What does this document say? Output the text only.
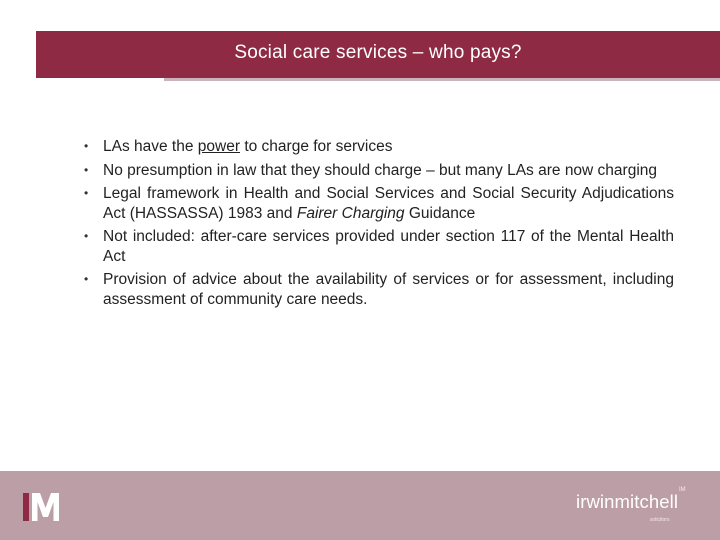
Social care services – who pays?
• LAs have the power to charge for services
• No presumption in law that they should charge – but many LAs are now charging
• Legal framework in Health and Social Services and Social Security Adjudications Act (HASSASSA) 1983 and Fairer Charging Guidance
• Not included: after-care services provided under section 117 of the Mental Health Act
• Provision of advice about the availability of services or for assessment, including assessment of community care needs.
irwinmitchell
solicitors
IM
